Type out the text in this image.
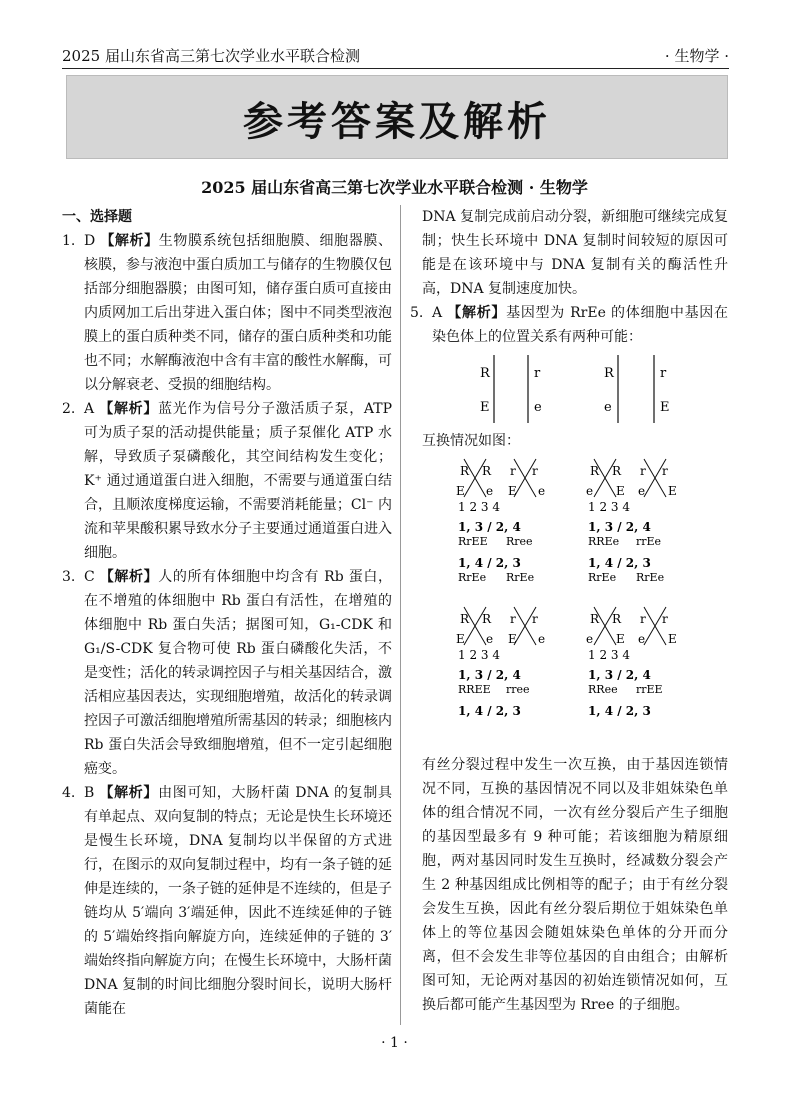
2025 届山东省高三第七次学业水平联合检测	· 生物学 ·
参考答案及解析
2025 届山东省高三第七次学业水平联合检测 · 生物学
一、选择题
1. D 【解析】生物膜系统包括细胞膜、细胞器膜、核膜，参与液泡中蛋白质加工与储存的生物膜仅包括部分细胞器膜；由图可知，储存蛋白质可直接由内质网加工后出芽进入蛋白体；图中不同类型液泡膜上的蛋白质种类不同，储存的蛋白质种类和功能也不同；水解酶液泡中含有丰富的酸性水解酶，可以分解衰老、受损的细胞结构。
2. A 【解析】蓝光作为信号分子激活质子泵，ATP 可为质子泵的活动提供能量；质子泵催化 ATP 水解，导致质子泵磷酸化，其空间结构发生变化；K⁺ 通过通道蛋白进入细胞，不需要与通道蛋白结合，且顺浓度梯度运输，不需要消耗能量；Cl⁻ 内流和苹果酸积累导致水分子主要通过通道蛋白进入细胞。
3. C 【解析】人的所有体细胞中均含有 Rb 蛋白，在不增殖的体细胞中 Rb 蛋白有活性，在增殖的体细胞中 Rb 蛋白失活；据图可知，G₁-CDK 和 G₁/S-CDK 复合物可使 Rb 蛋白磷酸化失活，不是变性；活化的转录调控因子与相关基因结合，激活相应基因表达，实现细胞增殖，故活化的转录调控因子可激活细胞增殖所需基因的转录；细胞核内 Rb 蛋白失活会导致细胞增殖，但不一定引起细胞癌变。
4. B 【解析】由图可知，大肠杆菌 DNA 的复制具有单起点、双向复制的特点；无论是快生长环境还是慢生长环境，DNA 复制均以半保留的方式进行，在图示的双向复制过程中，均有一条子链的延伸是连续的，一条子链的延伸是不连续的，但是子链均从 5′端向 3′端延伸，因此不连续延伸的子链的 5′端始终指向解旋方向，连续延伸的子链的 3′端始终指向解旋方向；在慢生长环境中，大肠杆菌 DNA 复制的时间比细胞分裂时间长，说明大肠杆菌能在
DNA 复制完成前启动分裂，新细胞可继续完成复制；快生长环境中 DNA 复制时间较短的原因可能是在该环境中与 DNA 复制有关的酶活性升高，DNA 复制速度加快。
5. A 【解析】基因型为 RrEe 的体细胞中基因在染色体上的位置关系有两种可能：
R
E
r
e
R
e
r
E
互换情况如图：
R R r r
E e E e
1 2 3 4
1, 3 / 2, 4
RrEE Rree
1, 4 / 2, 3
RrEe RrEe
R R r r
e E e E
1 2 3 4
1, 3 / 2, 4
RREe rrEe
1, 4 / 2, 3
RrEe RrEe
R R r r
E e E e
1 2 3 4
1, 3 / 2, 4
RREE rree
1, 4 / 2, 3
R R r r
e E e E
1 2 3 4
1, 3 / 2, 4
RRee rrEE
1, 4 / 2, 3
有丝分裂过程中发生一次互换，由于基因连锁情况不同，互换的基因情况不同以及非姐妹染色单体的组合情况不同，一次有丝分裂后产生子细胞的基因型最多有 9 种可能；若该细胞为精原细胞，两对基因同时发生互换时，经减数分裂会产生 2 种基因组成比例相等的配子；由于有丝分裂会发生互换，因此有丝分裂后期位于姐妹染色单体上的等位基因会随姐妹染色单体的分开而分离，但不会发生非等位基因的自由组合；由解析图可知，无论两对基因的初始连锁情况如何，互换后都可能产生基因型为 Rree 的子细胞。
· 1 ·
